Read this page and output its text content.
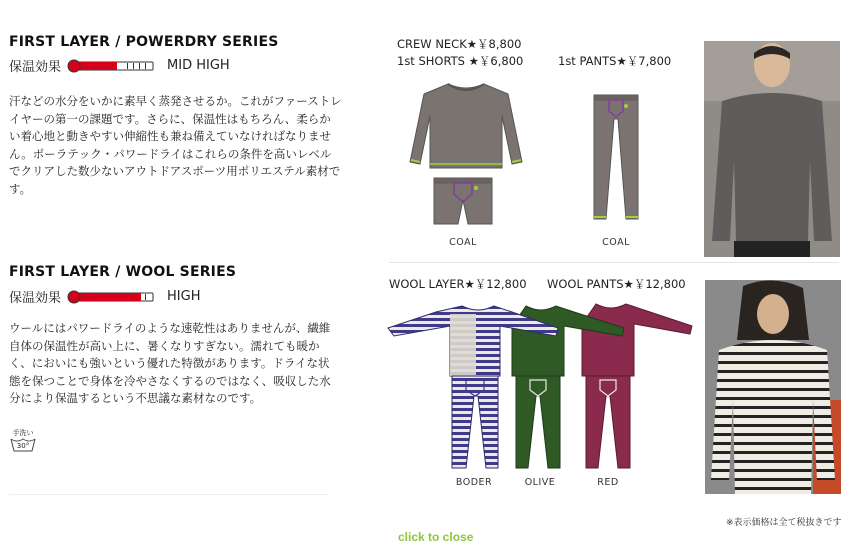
FIRST LAYER / POWERDRY SERIES
保温効果	MID HIGH
汗などの水分をいかに素早く蒸発させるか。これがファーストレイヤーの第一の課題です。さらに、保温性はもちろん、柔らかい着心地と動きやすい伸縮性も兼ね備えていなければなりません。ポーラテック・パワードライはこれらの条件を高いレベルでクリアした数少ないアウトドアスポーツ用ポリエステル素材です。
CREW NECK★￥8,800
1st SHORTS ★￥6,800	1st PANTS★￥7,800
COAL	COAL
FIRST LAYER / WOOL SERIES
保温効果	HIGH
ウールにはパワードライのような速乾性はありませんが、繊維自体の保温性が高い上に、暑くなりすぎない。濡れても暖かく、においにも強いという優れた特徴があります。ドライな状態を保つことで身体を冷やさなくするのではなく、吸収した水分により保温するという不思議な素材なのです。
手洗い
30°
WOOL LAYER★￥12,800 WOOL PANTS★￥12,800
BODER	OLIVE	RED
※表示価格は全て税抜きです
click to close
